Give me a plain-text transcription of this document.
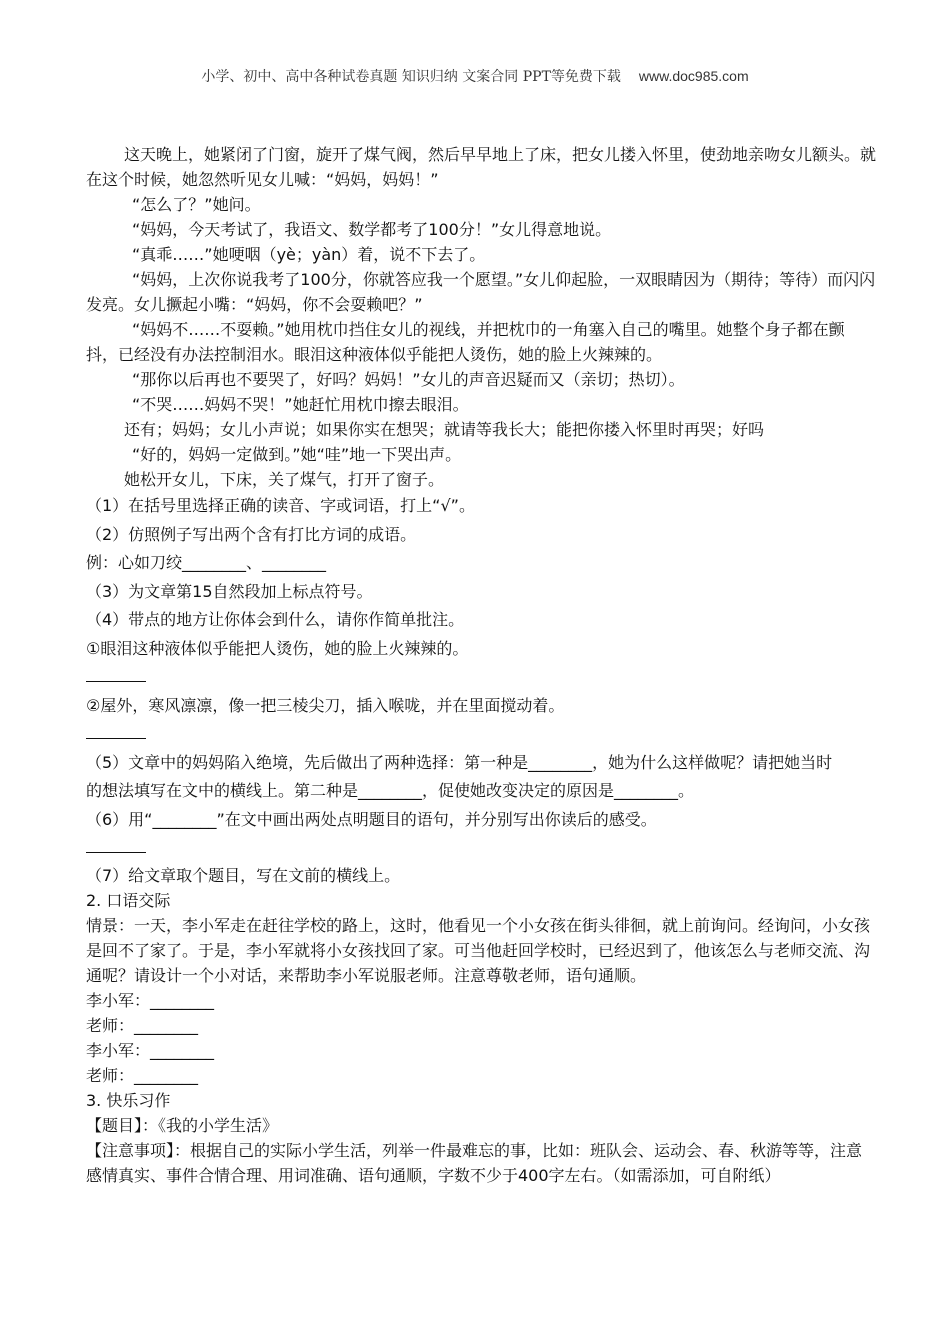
小学、初中、高中各种试卷真题 知识归纳 文案合同 PPT等免费下载 www.doc985.com

这天晚上，她紧闭了门窗，旋开了煤气阀，然后早早地上了床，把女儿搂入怀里，使劲地亲吻女儿额头。就在这个时候，她忽然听见女儿喊：“妈妈，妈妈！”

“怎么了？”她问。

“妈妈，今天考试了，我语文、数学都考了100分！”女儿得意地说。

“真乖……”她哽咽（yè；yàn）着，说不下去了。

“妈妈，上次你说我考了100分，你就答应我一个愿望。”女儿仰起脸，一双眼睛因为（期待；等待）而闪闪发亮。女儿撅起小嘴：“妈妈，你不会耍赖吧？”

“妈妈不……不耍赖。”她用枕巾挡住女儿的视线，并把枕巾的一角塞入自己的嘴里。她整个身子都在颤抖，已经没有办法控制泪水。眼泪这种液体似乎能把人烫伤，她的脸上火辣辣的。

“那你以后再也不要哭了，好吗？妈妈！”女儿的声音迟疑而又（亲切；热切）。

“不哭……妈妈不哭！”她赶忙用枕巾擦去眼泪。

还有；妈妈；女儿小声说；如果你实在想哭；就请等我长大；能把你搂入怀里时再哭；好吗

“好的，妈妈一定做到。”她“哇”地一下哭出声。

她松开女儿，下床，关了煤气，打开了窗子。

（1）在括号里选择正确的读音、字或词语，打上“√”。

（2）仿照例子写出两个含有打比方词的成语。

例：心如刀绞________、________

（3）为文章第15自然段加上标点符号。

（4）带点的地方让你体会到什么，请你作简单批注。

①眼泪这种液体似乎能把人烫伤，她的脸上火辣辣的。

②屋外，寒风凛凛，像一把三棱尖刀，插入喉咙，并在里面搅动着。

（5）文章中的妈妈陷入绝境，先后做出了两种选择：第一种是________，她为什么这样做呢？请把她当时

的想法填写在文中的横线上。第二种是________，促使她改变决定的原因是________。

（6）用“________”在文中画出两处点明题目的语句，并分别写出你读后的感受。

（7）给文章取个题目，写在文前的横线上。

2. 口语交际

情景：一天，李小军走在赶往学校的路上，这时，他看见一个小女孩在街头徘徊，就上前询问。经询问，小女孩是回不了家了。于是，李小军就将小女孩找回了家。可当他赶回学校时，已经迟到了，他该怎么与老师交流、沟通呢？请设计一个小对话，来帮助李小军说服老师。注意尊敬老师，语句通顺。

李小军：________

老师：________

李小军：________

老师：________

3. 快乐习作

【题目】：《我的小学生活》

【注意事项】：根据自己的实际小学生活，列举一件最难忘的事，比如：班队会、运动会、春、秋游等等，注意感情真实、事件合情合理、用词准确、语句通顺，字数不少于400字左右。（如需添加，可自附纸）
